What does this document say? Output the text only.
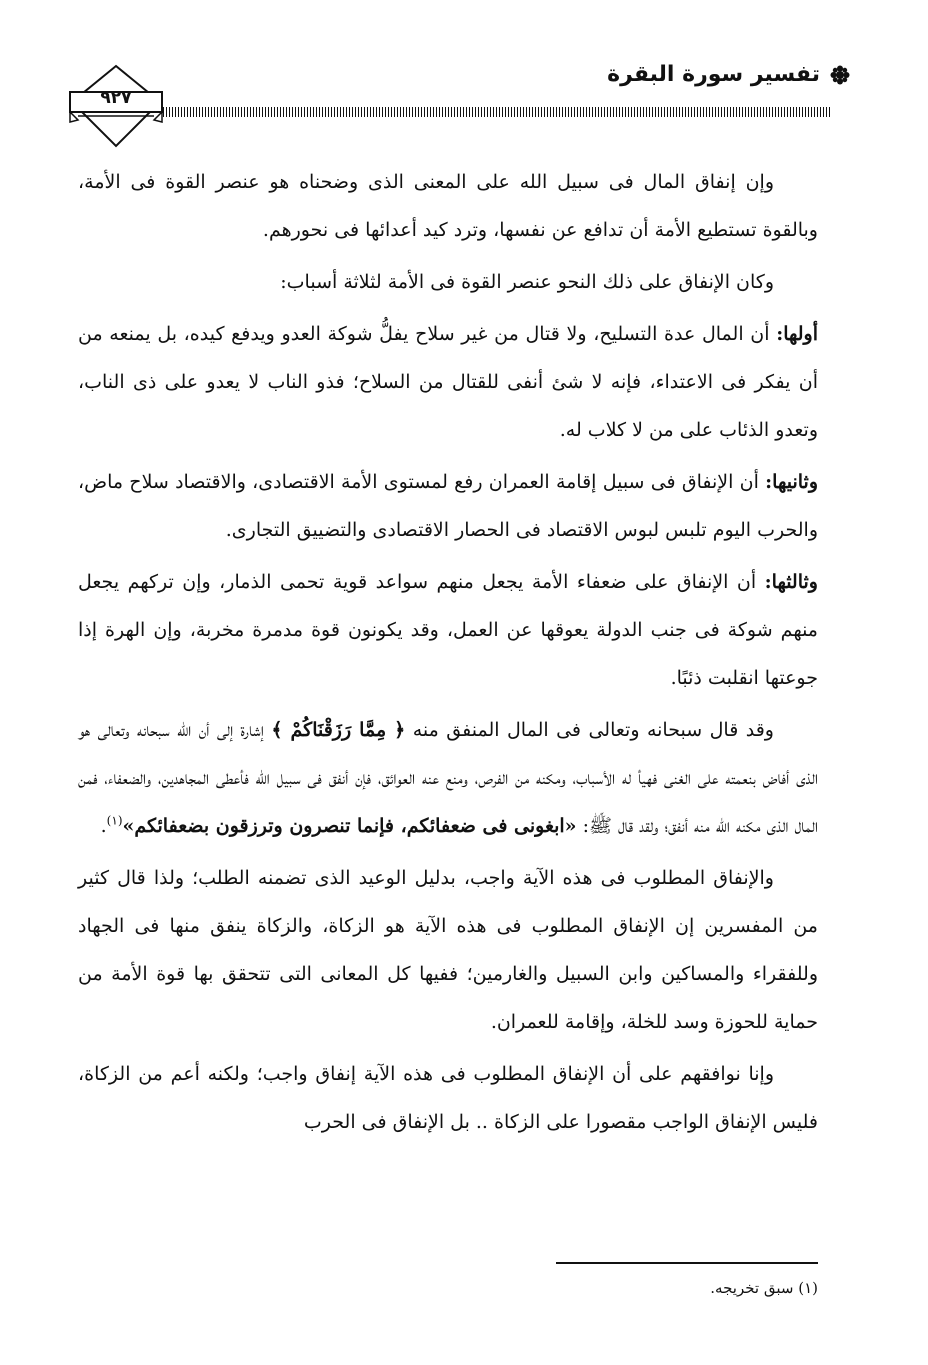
تفسير سورة البقرة
٩٢٧

وإن إنفاق المال فى سبيل الله على المعنى الذى وضحناه هو عنصر القوة فى الأمة، وبالقوة تستطيع الأمة أن تدافع عن نفسها، وترد كيد أعدائها فى نحورهم.

وكان الإنفاق على ذلك النحو عنصر القوة فى الأمة لثلاثة أسباب:

أولها: أن المال عدة التسليح، ولا قتال من غير سلاح يفلُّ شوكة العدو ويدفع كيده، بل يمنعه من أن يفكر فى الاعتداء، فإنه لا شئ أنفى للقتال من السلاح؛ فذو الناب لا يعدو على ذى الناب، وتعدو الذئاب على من لا كلاب له.

وثانيها: أن الإنفاق فى سبيل إقامة العمران رفع لمستوى الأمة الاقتصادى، والاقتصاد سلاح ماض، والحرب اليوم تلبس لبوس الاقتصاد فى الحصار الاقتصادى والتضييق التجارى.

وثالثها: أن الإنفاق على ضعفاء الأمة يجعل منهم سواعد قوية تحمى الذمار، وإن تركهم يجعل منهم شوكة فى جنب الدولة يعوقها عن العمل، وقد يكونون قوة مدمرة مخربة، وإن الهرة إذا جوعتها انقلبت ذئبًا.

وقد قال سبحانه وتعالى فى المال المنفق منه ﴿ مِمَّا رَزَقْنَاكُمْ ﴾ إشارة إلى أن الله سبحانه وتعالى هو الذى أفاض بنعمته على الغنى فهيأ له الأسباب، ومكنه من الفرص، ومنع عنه العوائق، فإن أنفق فى سبيل الله فأعطى المجاهدين، والضعفاء، فمن المال الذى مكنه الله منه أنفق؛ ولقد قال ﷺ: «ابغونى فى ضعفائكم، فإنما تنصرون وترزقون بضعفائكم»$^{(١)}$.

والإنفاق المطلوب فى هذه الآية واجب، بدليل الوعيد الذى تضمنه الطلب؛ ولذا قال كثير من المفسرين إن الإنفاق المطلوب فى هذه الآية هو الزكاة، والزكاة ينفق منها فى الجهاد وللفقراء والمساكين وابن السبيل والغارمين؛ ففيها كل المعانى التى تتحقق بها قوة الأمة من حماية للحوزة وسد للخلة، وإقامة للعمران.

وإنا نوافقهم على أن الإنفاق المطلوب فى هذه الآية إنفاق واجب؛ ولكنه أعم من الزكاة، فليس الإنفاق الواجب مقصورا على الزكاة .. بل الإنفاق فى الحرب

(١) سبق تخريجه.
